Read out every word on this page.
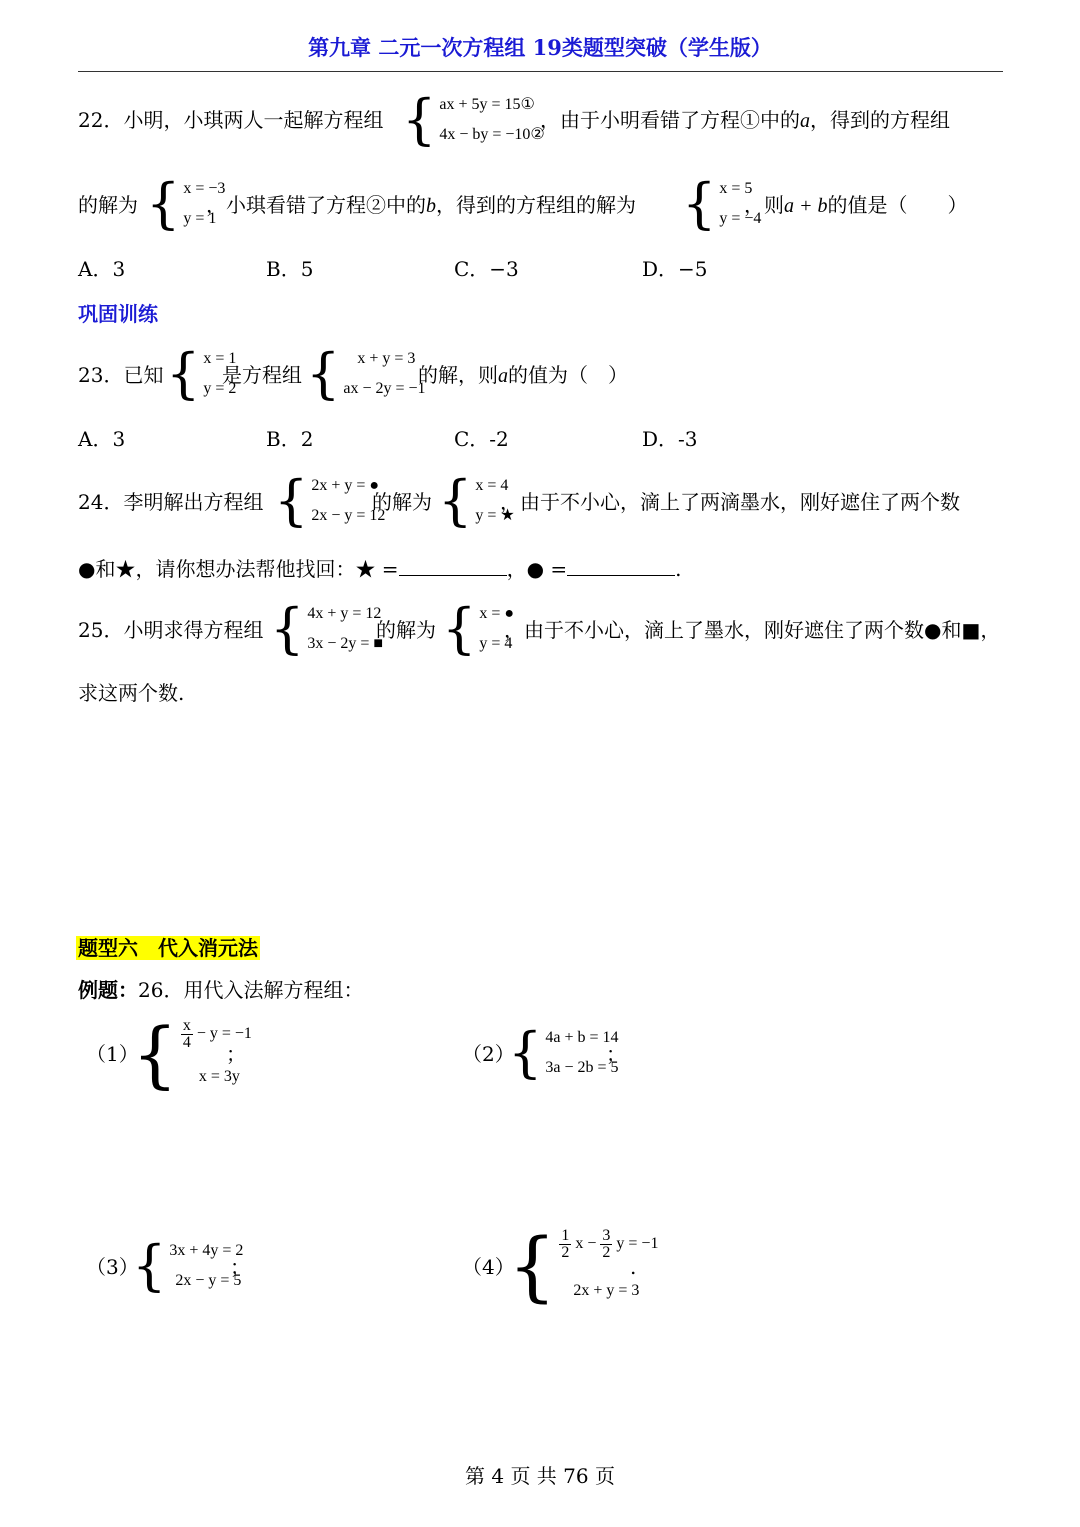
第九章 二元一次方程组 19类题型突破（学生版）
22．小明，小琪两人一起解方程组 { ax + 5y = 15①
4x − by = −10②
，由于小明看错了方程①中的a，得到的方程组
的解为 { x = −3
y = 1
，小琪看错了方程②中的b，得到的方程组的解为 { x = 5
y = −4
，则a + b的值是（　　）
A．3	B．5	C．−3	D．−5
巩固训练
23．已知 { x = 1
y = 2
是方程组 {	x + y = 3
ax − 2y = −1
的解，则a的值为（　）
A．3	B．2	C．-2	D．-3
24．李明解出方程组 { 2x + y = ●
2x − y = 12
的解为 { x = 4
y = ★
，由于不小心，滴上了两滴墨水，刚好遮住了两个数
●和★，请你想办法帮他找回：★ =	，● =	.
25．小明求得方程组 { 4x + y = 12
3x − 2y = ■
的解为 { x = ●
y = 4
，由于不小心，滴上了墨水，刚好遮住了两个数●和■，
求这两个数.
题型六　代入消元法
例题：26．用代入法解方程组：
（1）
{ $\frac{x}{4} - y = -1$
x = 3y
；	（2）
{ 4a + b = 14
3a − 2b = 5
；
（3）
{ 3x + 4y = 2
2x − y = 5
；	（4）
{ $\frac{1}{2}$ $x - \frac{3}{2}$ y = −1
2x + y = 3
.
第 4 页 共 76 页
